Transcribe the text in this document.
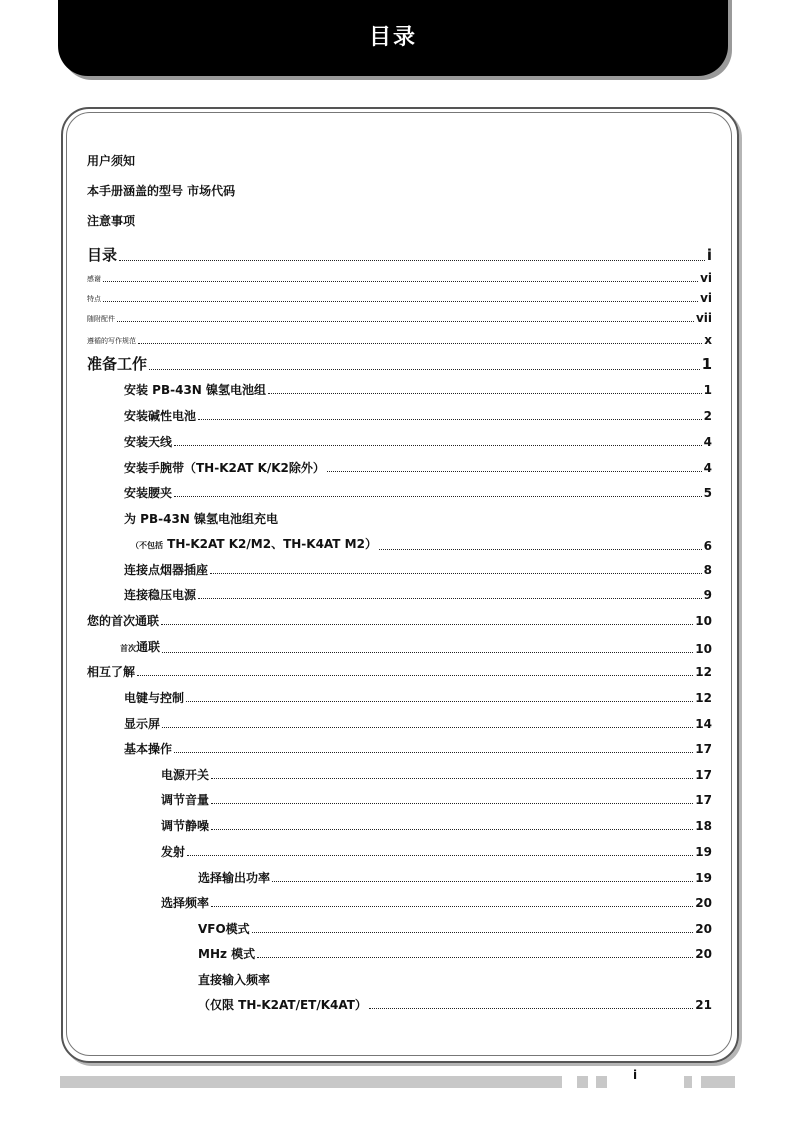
目录
用户须知
本手册涵盖的型号 市场代码
注意事项
目录	i
感谢	vi
特点	vi
随附配件	vii
遵循的写作规范	x
准备工作	1
安装 PB-43N 镍氢电池组	1
安装碱性电池	2
安装天线	4
安装手腕带（TH-K2AT K/K2除外）	4
安装腰夹	5
为 PB-43N 镍氢电池组充电
（不包括 TH-K2AT K2/M2、TH-K4AT M2）	6
连接点烟器插座	8
连接稳压电源	9
您的首次通联	10
首次通联	10
相互了解	12
电键与控制	12
显示屏	14
基本操作	17
电源开关	17
调节音量	17
调节静噪	18
发射	19
选择输出功率	19
选择频率	20
VFO模式	20
MHz 模式	20
直接输入频率
（仅限 TH-K2AT/ET/K4AT）	21
i
